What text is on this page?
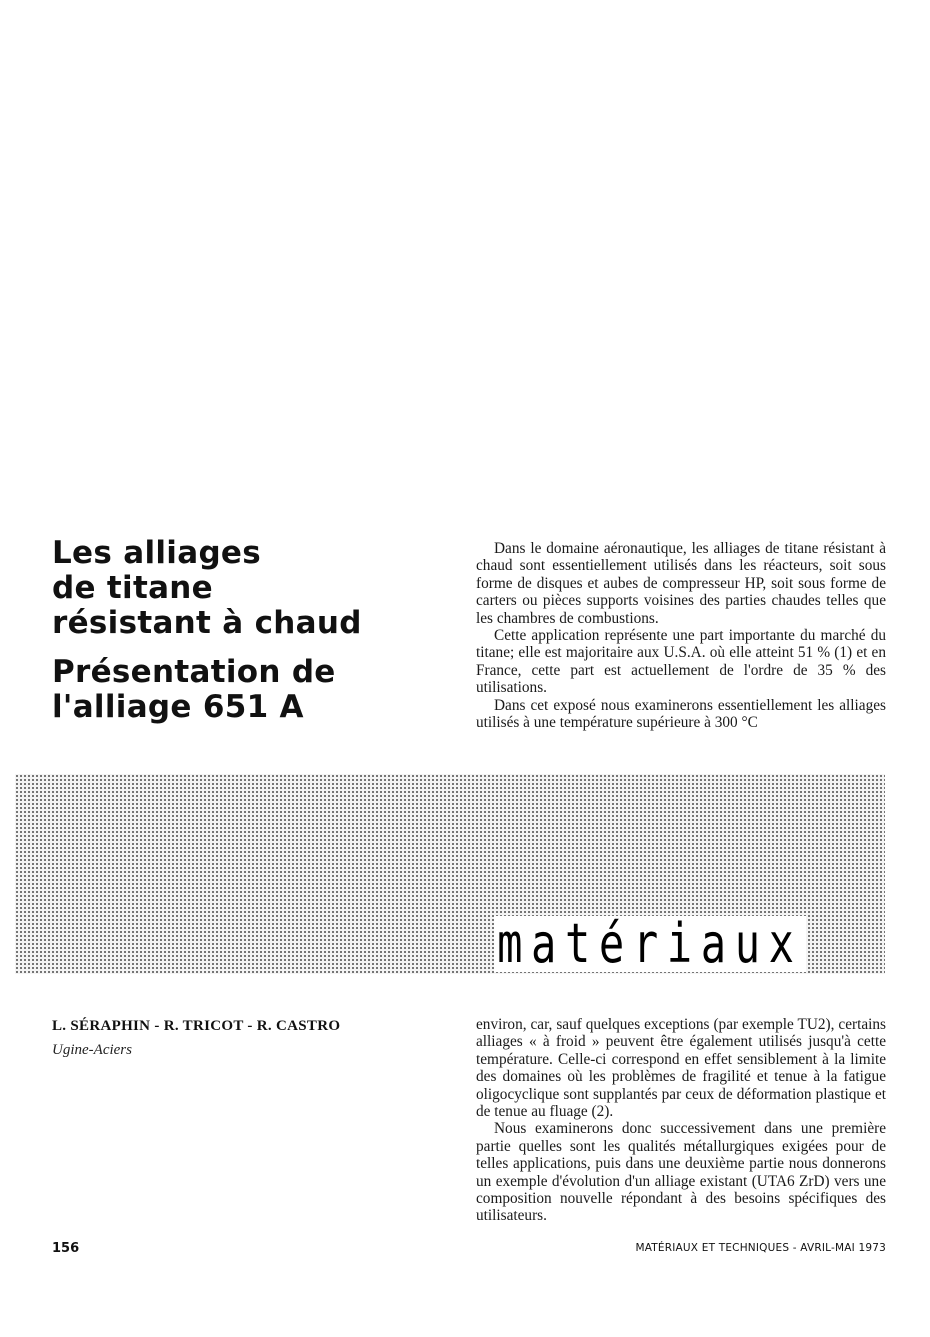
Les alliages
de titane
résistant à chaud
Présentation de
l'alliage 651 A

Dans le domaine aéronautique, les alliages de titane résistant à chaud sont essentiellement utilisés dans les réacteurs, soit sous forme de disques et aubes de compresseur HP, soit sous forme de carters ou pièces supports voisines des parties chaudes telles que les chambres de combustions.

Cette application représente une part importante du marché du titane; elle est majoritaire aux U.S.A. où elle atteint 51 % (1) et en France, cette part est actuellement de l'ordre de 35 % des utilisations.

Dans cet exposé nous examinerons essentiellement les alliages utilisés à une température supérieure à 300 °C

matériaux
L. SÉRAPHIN - R. TRICOT - R. CASTRO
Ugine-Aciers

environ, car, sauf quelques exceptions (par exemple TU2), certains alliages « à froid » peuvent être également utilisés jusqu'à cette température. Celle-ci correspond en effet sensiblement à la limite des domaines où les problèmes de fragilité et tenue à la fatigue oligocyclique sont supplantés par ceux de déformation plastique et de tenue au fluage (2).

Nous examinerons donc successivement dans une première partie quelles sont les qualités métallurgiques exigées pour de telles applications, puis dans une deuxième partie nous donnerons un exemple d'évolution d'un alliage existant (UTA6 ZrD) vers une composition nouvelle répondant à des besoins spécifiques des utilisateurs.

156	MATÉRIAUX ET TECHNIQUES - AVRIL-MAI 1973
